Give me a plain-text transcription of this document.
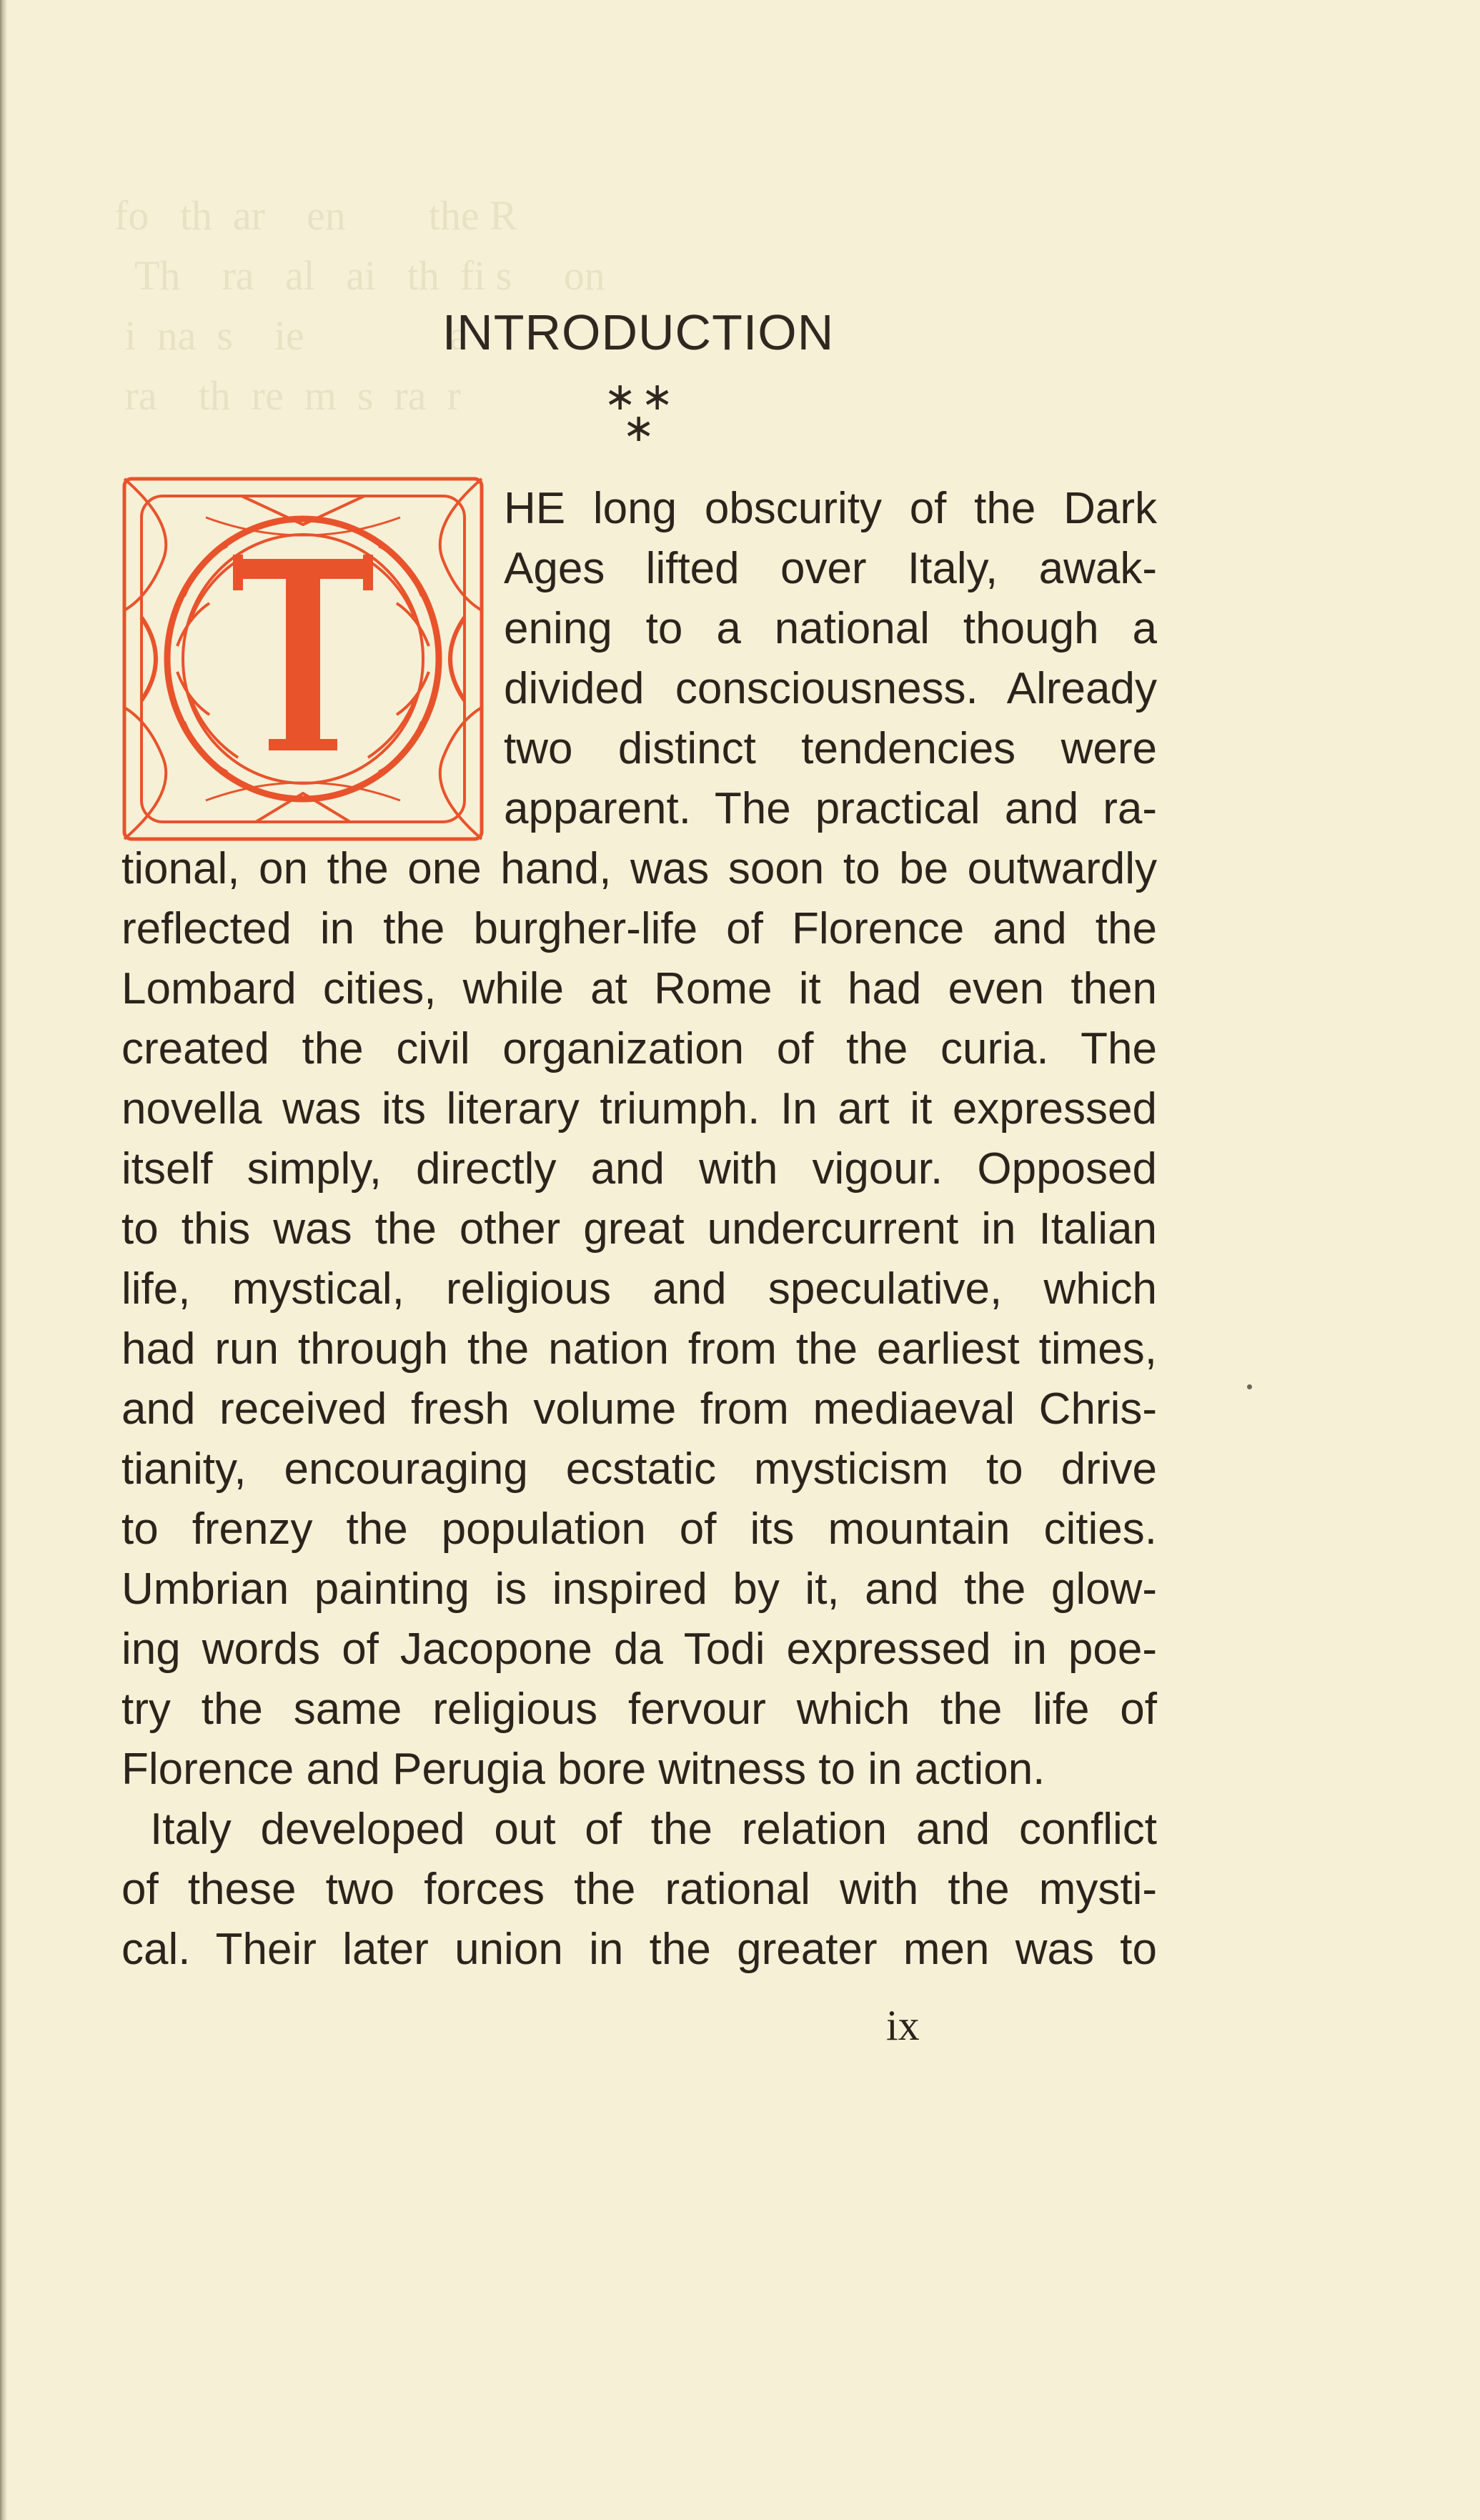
fo   th  ar    en        the R
Th    ra   al   ai   th  fi s     on
i  na  s    ie              a
ra    th  re  m  s  ra  r

INTRODUCTION
∗ ∗
∗
T
HE long obscurity of the Dark
Ages lifted over Italy, awak-
ening to a national though a
divided consciousness. Already
two distinct tendencies were
apparent. The practical and ra-
tional, on the one hand, was soon to be outwardly
reflected in the burgher-life of Florence and the
Lombard cities, while at Rome it had even then
created the civil organization of the curia. The
novella was its literary triumph. In art it expressed
itself simply, directly and with vigour. Opposed
to this was the other great undercurrent in Italian
life, mystical, religious and speculative, which
had run through the nation from the earliest times,
and received fresh volume from mediaeval Chris-
tianity, encouraging ecstatic mysticism to drive
to frenzy the population of its mountain cities.
Umbrian painting is inspired by it, and the glow-
ing words of Jacopone da Todi expressed in poe-
try the same religious fervour which the life of
Florence and Perugia bore witness to in action.
Italy developed out of the relation and conflict
of these two forces the rational with the mysti-
cal. Their later union in the greater men was to
ix
